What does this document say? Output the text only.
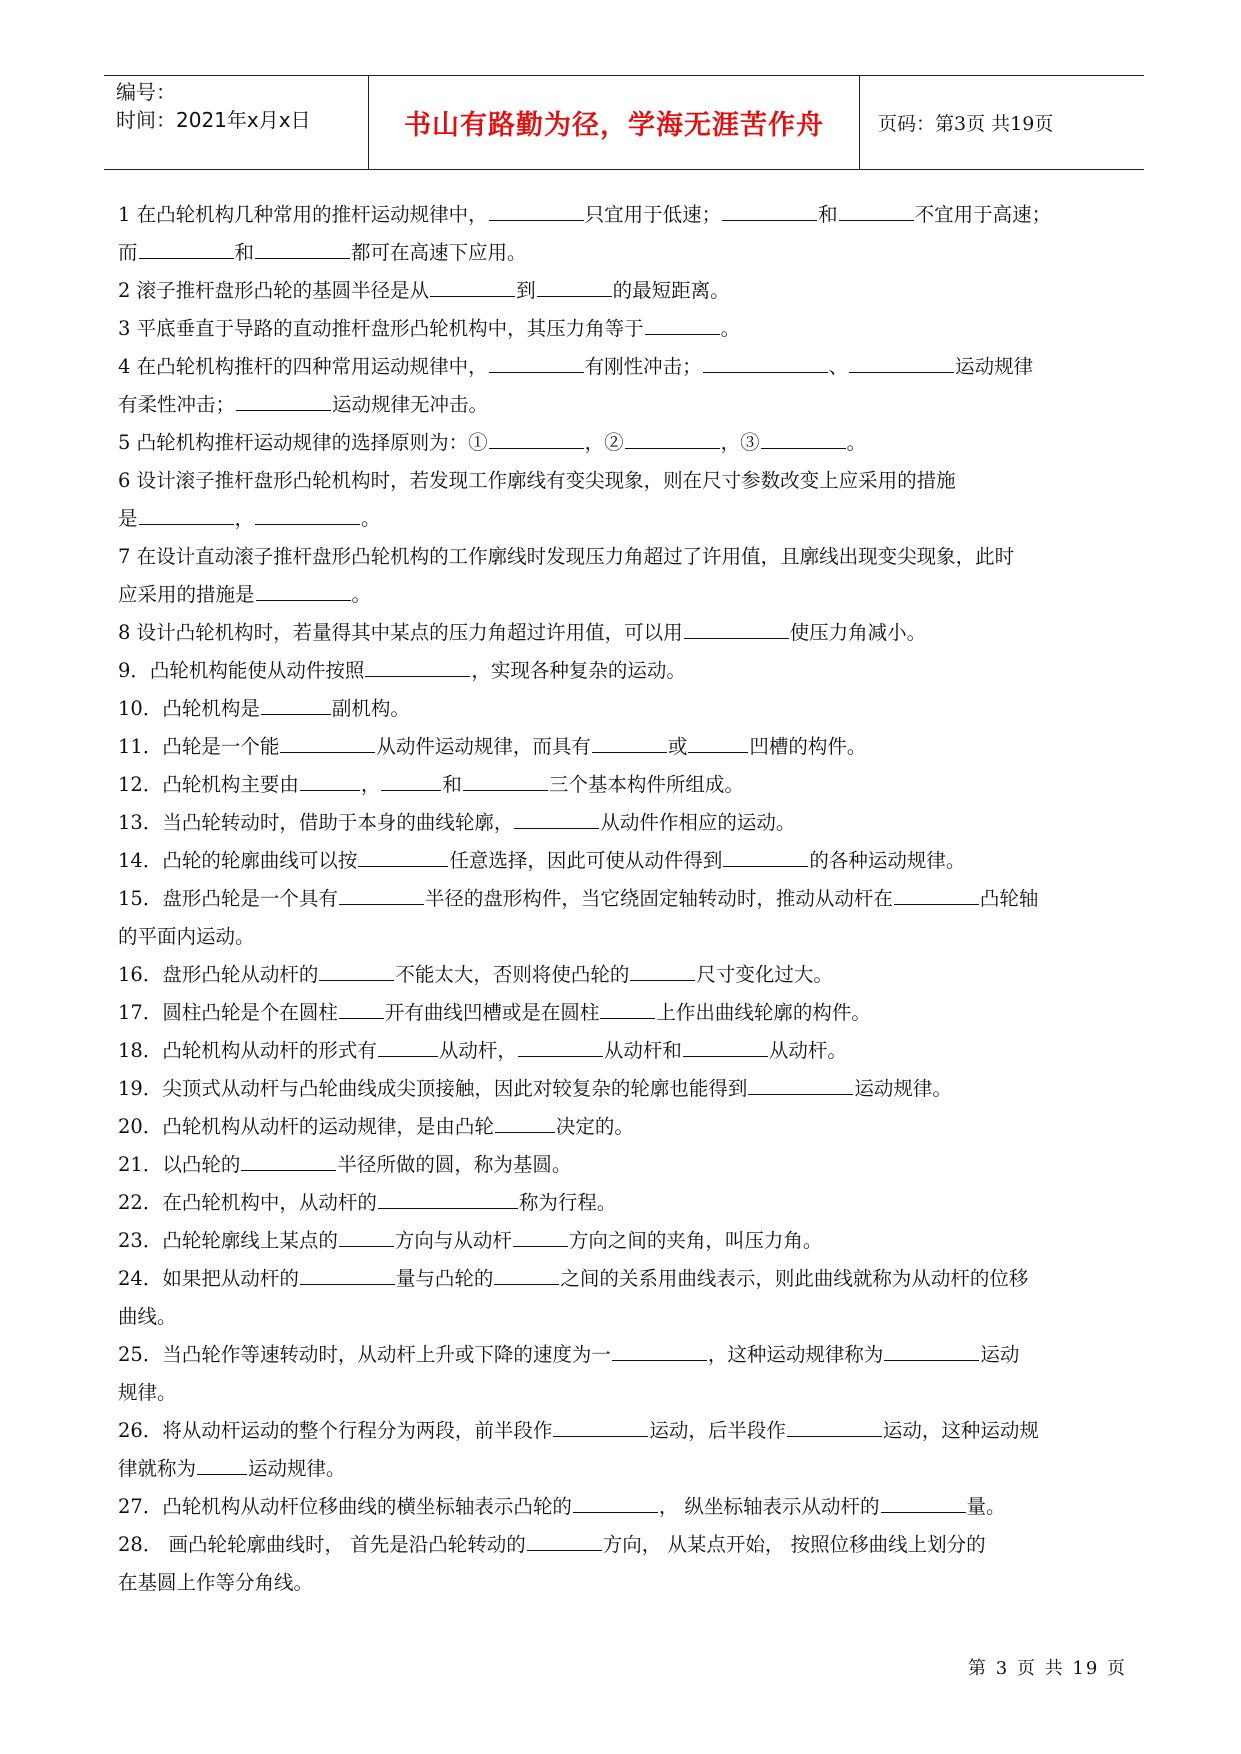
编号：
时间：2021年x月x日	书山有路勤为径，学海无涯苦作舟	页码：第3页 共19页
1 在凸轮机构几种常用的推杆运动规律中，	只宜用于低速；	和	不宜用于高速；
而	和	都可在高速下应用。
2 滚子推杆盘形凸轮的基圆半径是从	到	的最短距离。
3 平底垂直于导路的直动推杆盘形凸轮机构中，其压力角等于	。
4 在凸轮机构推杆的四种常用运动规律中，	有刚性冲击；	、	运动规律
有柔性冲击；	运动规律无冲击。
5 凸轮机构推杆运动规律的选择原则为：①	，②	，③	。
6 设计滚子推杆盘形凸轮机构时，若发现工作廓线有变尖现象，则在尺寸参数改变上应采用的措施
是	，	。
7 在设计直动滚子推杆盘形凸轮机构的工作廓线时发现压力角超过了许用值，且廓线出现变尖现象，此时
应采用的措施是	。
8 设计凸轮机构时，若量得其中某点的压力角超过许用值，可以用	使压力角减小。
9．凸轮机构能使从动件按照	，实现各种复杂的运动。
10．凸轮机构是	副机构。
11．凸轮是一个能	从动件运动规律，而具有	或	凹槽的构件。
12．凸轮机构主要由	，	和	三个基本构件所组成。
13．当凸轮转动时，借助于本身的曲线轮廓，	从动件作相应的运动。
14．凸轮的轮廓曲线可以按	任意选择，因此可使从动件得到	的各种运动规律。
15．盘形凸轮是一个具有	半径的盘形构件，当它绕固定轴转动时，推动从动杆在	凸轮轴
的平面内运动。
16．盘形凸轮从动杆的	不能太大，否则将使凸轮的	尺寸变化过大。
17．圆柱凸轮是个在圆柱 开有曲线凹槽或是在圆柱	上作出曲线轮廓的构件。
18．凸轮机构从动杆的形式有	从动杆，	从动杆和	从动杆。
19．尖顶式从动杆与凸轮曲线成尖顶接触，因此对较复杂的轮廓也能得到	运动规律。
20．凸轮机构从动杆的运动规律，是由凸轮	决定的。
21．以凸轮的	半径所做的圆，称为基圆。
22．在凸轮机构中，从动杆的	称为行程。
23．凸轮轮廓线上某点的	方向与从动杆	方向之间的夹角，叫压力角。
24．如果把从动杆的	量与凸轮的	之间的关系用曲线表示，则此曲线就称为从动杆的位移
曲线。
25．当凸轮作等速转动时，从动杆上升或下降的速度为一	，这种运动规律称为	运动
规律。
26．将从动杆运动的整个行程分为两段，前半段作	运动，后半段作	运动，这种运动规
律就称为	运动规律。
27．凸轮机构从动杆位移曲线的横坐标轴表示凸轮的	， 纵坐标轴表示从动杆的	量。
28． 画凸轮轮廓曲线时， 首先是沿凸轮转动的	方向， 从某点开始， 按照位移曲线上划分的
在基圆上作等分角线。
第 3 页 共 19 页
